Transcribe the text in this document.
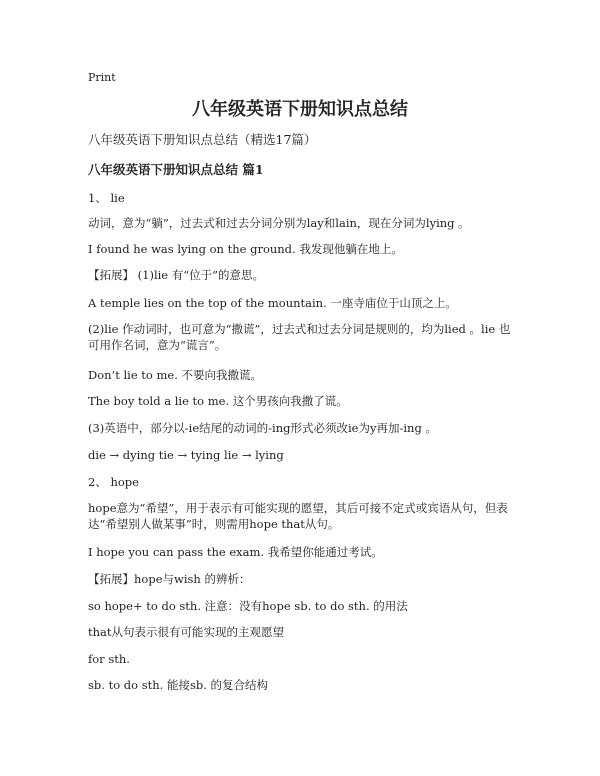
Print
八年级英语下册知识点总结
八年级英语下册知识点总结（精选17篇）
八年级英语下册知识点总结 篇1
1、 lie
动词，意为“躺”，过去式和过去分词分别为lay和lain，现在分词为lying 。
I found he was lying on the ground. 我发现他躺在地上。
【拓展】 (1)lie 有“位于”的意思。
A temple lies on the top of the mountain. 一座寺庙位于山顶之上。
(2)lie 作动词时，也可意为“撒谎”，过去式和过去分词是规则的，均为lied 。lie 也可用作名词，意为“谎言”。
Don’t lie to me. 不要向我撒谎。
The boy told a lie to me. 这个男孩向我撒了谎。
(3)英语中，部分以-ie结尾的动词的-ing形式必须改ie为y再加-ing 。
die → dying tie → tying lie → lying
2、 hope
hope意为“希望”，用于表示有可能实现的愿望，其后可接不定式或宾语从句，但表达“希望别人做某事”时，则需用hope that从句。
I hope you can pass the exam. 我希望你能通过考试。
【拓展】hope与wish 的辨析：
so hope+ to do sth. 注意：没有hope sb. to do sth. 的用法
that从句表示很有可能实现的主观愿望
for sth.
sb. to do sth. 能接sb. 的复合结构
